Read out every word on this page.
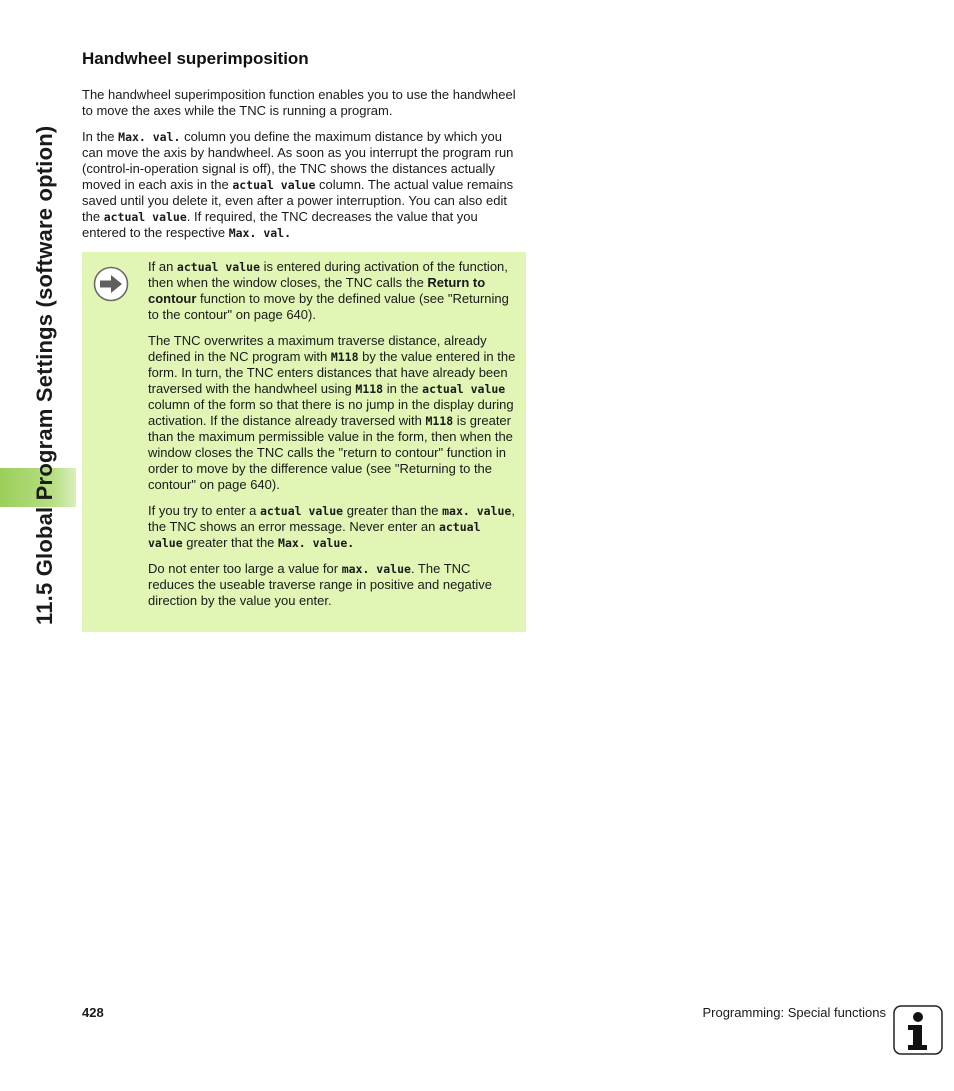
11.5 Global Program Settings (software option)
Handwheel superimposition

The handwheel superimposition function enables you to use the handwheel to move the axes while the TNC is running a program.

In the Max. val. column you define the maximum distance by which you can move the axis by handwheel. As soon as you interrupt the program run (control-in-operation signal is off), the TNC shows the distances actually moved in each axis in the actual value column. The actual value remains saved until you delete it, even after a power interruption. You can also edit the actual value. If required, the TNC decreases the value that you entered to the respective Max. val.

If an actual value is entered during activation of the function, then when the window closes, the TNC calls the Return to contour function to move by the defined value (see "Returning to the contour" on page 640).

The TNC overwrites a maximum traverse distance, already defined in the NC program with M118 by the value entered in the form. In turn, the TNC enters distances that have already been traversed with the handwheel using M118 in the actual value column of the form so that there is no jump in the display during activation. If the distance already traversed with M118 is greater than the maximum permissible value in the form, then when the window closes the TNC calls the "return to contour" function in order to move by the difference value (see "Returning to the contour" on page 640).

If you try to enter a actual value greater than the max. value, the TNC shows an error message. Never enter an actual value greater that the Max. value.

Do not enter too large a value for max. value. The TNC reduces the useable traverse range in positive and negative direction by the value you enter.

428	Programming: Special functions
